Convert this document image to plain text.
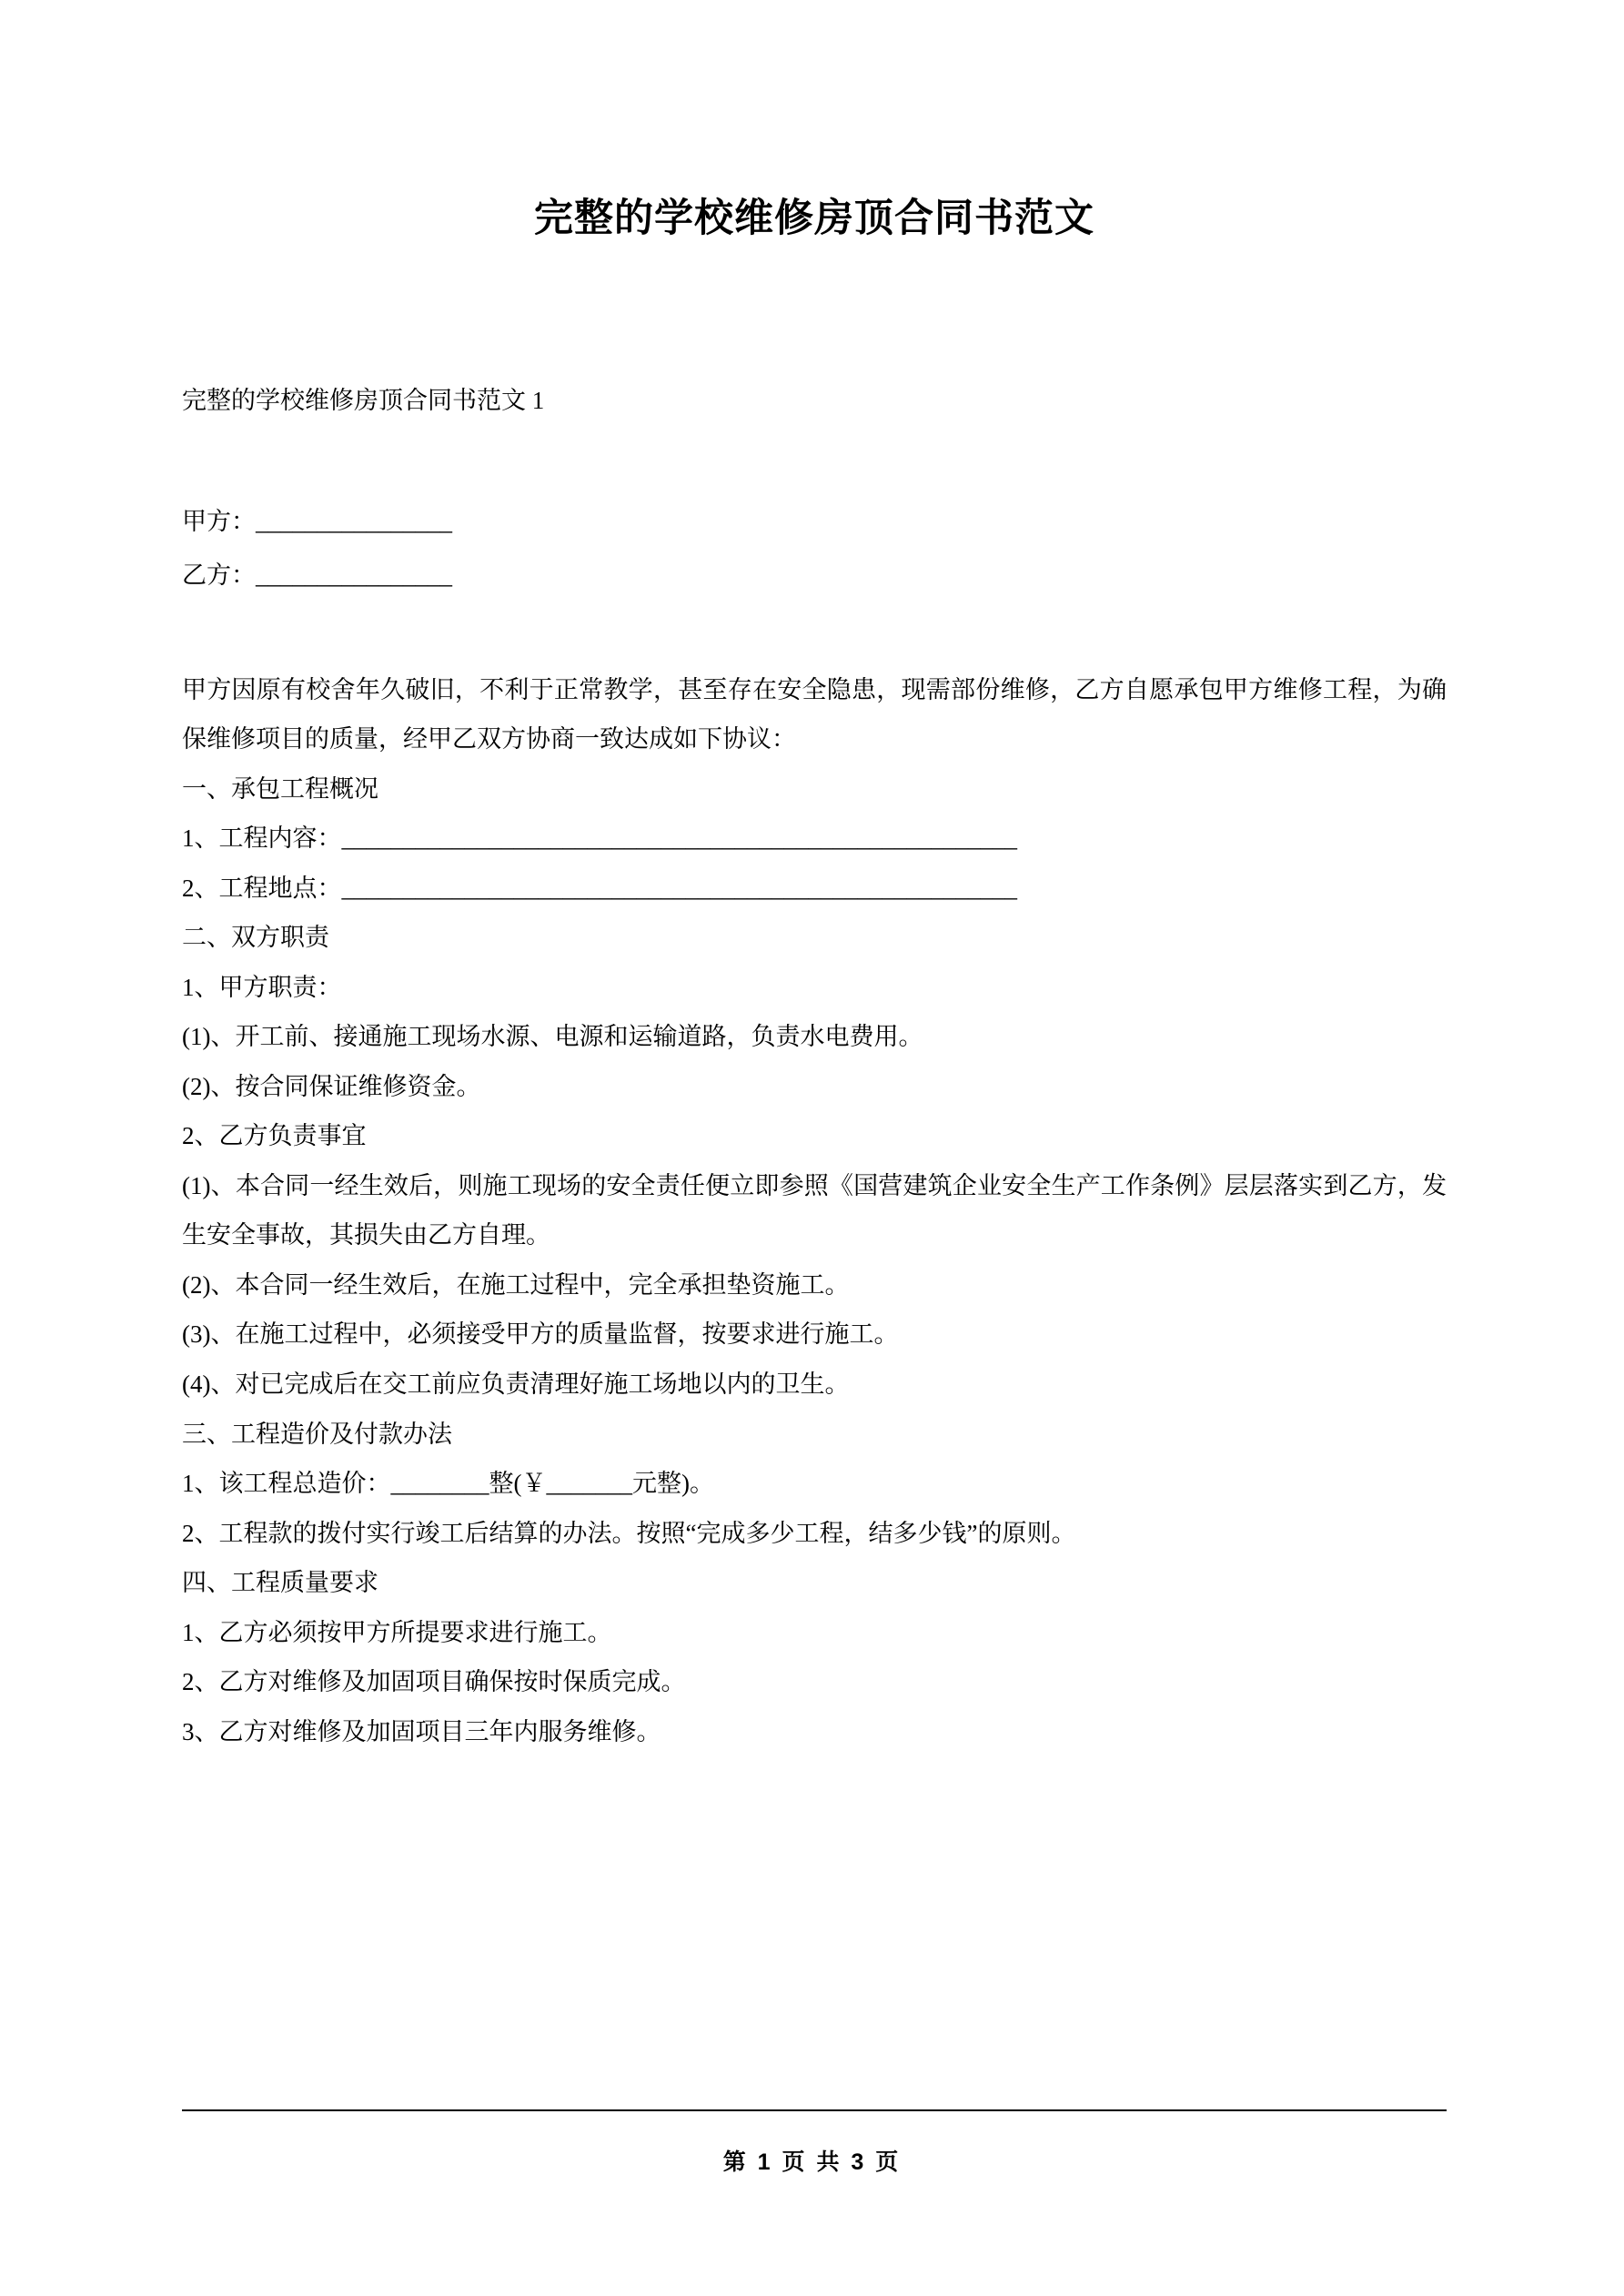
完整的学校维修房顶合同书范文
完整的学校维修房顶合同书范文 1
甲方：________________
乙方：________________

甲方因原有校舍年久破旧，不利于正常教学，甚至存在安全隐患，现需部份维修，乙方自愿承包甲方维修工程，为确保维修项目的质量，经甲乙双方协商一致达成如下协议：

一、承包工程概况

1、工程内容：_______________________________________________________

2、工程地点：_______________________________________________________

二、双方职责

1、甲方职责：

(1)、开工前、接通施工现场水源、电源和运输道路，负责水电费用。

(2)、按合同保证维修资金。

2、乙方负责事宜

(1)、本合同一经生效后，则施工现场的安全责任便立即参照《国营建筑企业安全生产工作条例》层层落实到乙方，发生安全事故，其损失由乙方自理。

(2)、本合同一经生效后，在施工过程中，完全承担垫资施工。

(3)、在施工过程中，必须接受甲方的质量监督，按要求进行施工。

(4)、对已完成后在交工前应负责清理好施工场地以内的卫生。

三、工程造价及付款办法

1、该工程总造价：________整(￥_______元整)。

2、工程款的拨付实行竣工后结算的办法。按照“完成多少工程，结多少钱”的原则。

四、工程质量要求

1、乙方必须按甲方所提要求进行施工。

2、乙方对维修及加固项目确保按时保质完成。

3、乙方对维修及加固项目三年内服务维修。

第 1 页 共 3 页
